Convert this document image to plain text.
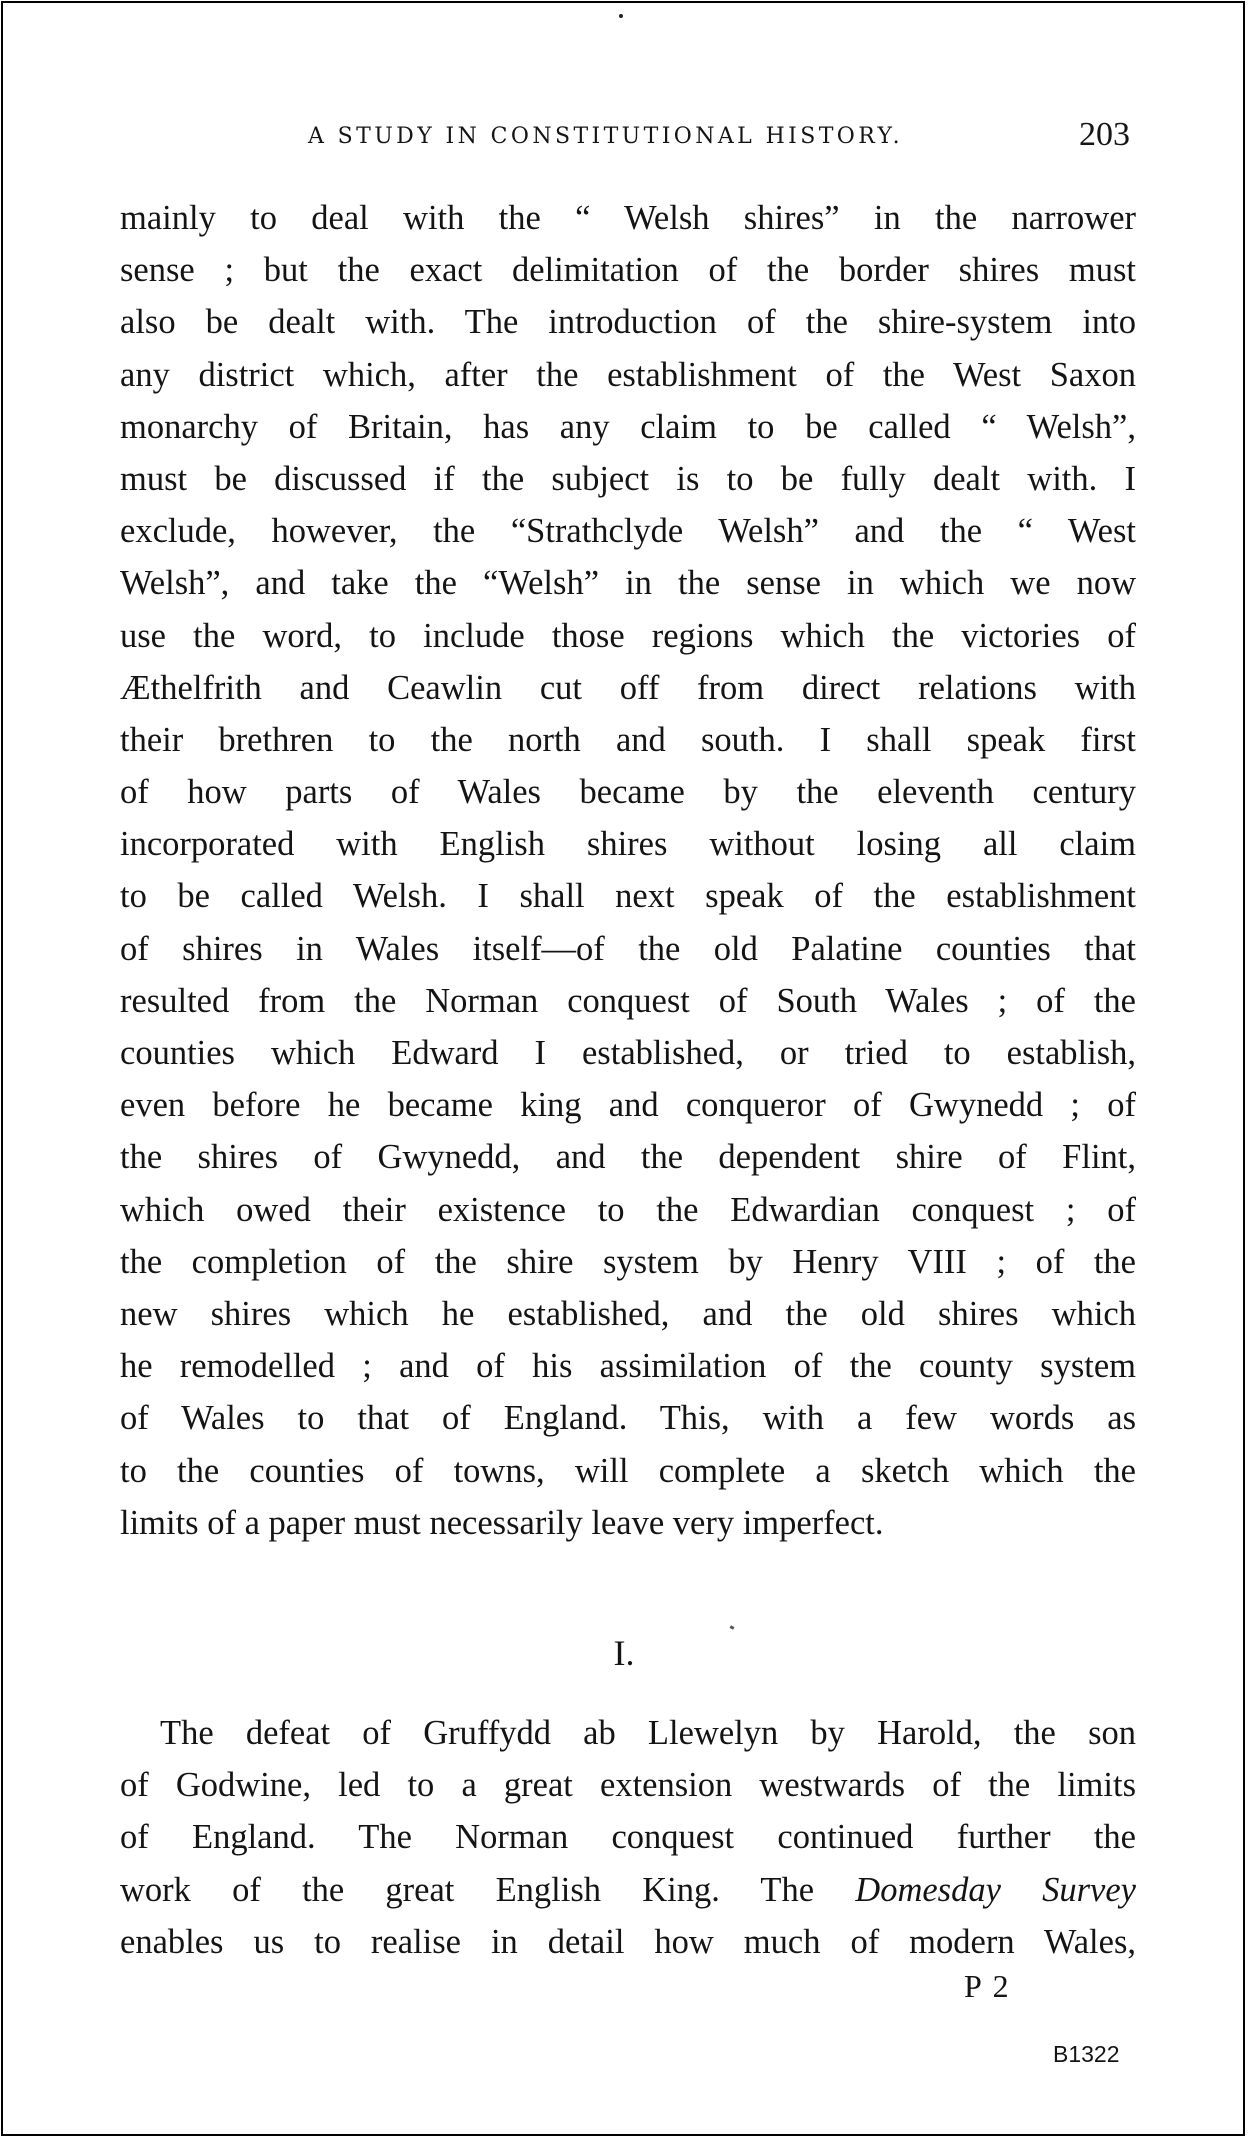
A STUDY IN CONSTITUTIONAL HISTORY.	203
mainly to deal with the “ Welsh shires” in the narrower
sense ; but the exact delimitation of the border shires must
also be dealt with. The introduction of the shire-system into
any district which, after the establishment of the West Saxon
monarchy of Britain, has any claim to be called “ Welsh”,
must be discussed if the subject is to be fully dealt with. I
exclude, however, the “Strathclyde Welsh” and the “ West
Welsh”, and take the “Welsh” in the sense in which we now
use the word, to include those regions which the victories of
Æthelfrith and Ceawlin cut off from direct relations with
their brethren to the north and south. I shall speak first
of how parts of Wales became by the eleventh century
incorporated with English shires without losing all claim
to be called Welsh. I shall next speak of the establishment
of shires in Wales itself—of the old Palatine counties that
resulted from the Norman conquest of South Wales ; of the
counties which Edward I established, or tried to establish,
even before he became king and conqueror of Gwynedd ; of
the shires of Gwynedd, and the dependent shire of Flint,
which owed their existence to the Edwardian conquest ; of
the completion of the shire system by Henry VIII ; of the
new shires which he established, and the old shires which
he remodelled ; and of his assimilation of the county system
of Wales to that of England. This, with a few words as
to the counties of towns, will complete a sketch which the
limits of a paper must necessarily leave very imperfect.
I.
The defeat of Gruffydd ab Llewelyn by Harold, the son
of Godwine, led to a great extension westwards of the limits
of England. The Norman conquest continued further the
work of the great English King. The Domesday Survey
enables us to realise in detail how much of modern Wales,
P 2
B1322
